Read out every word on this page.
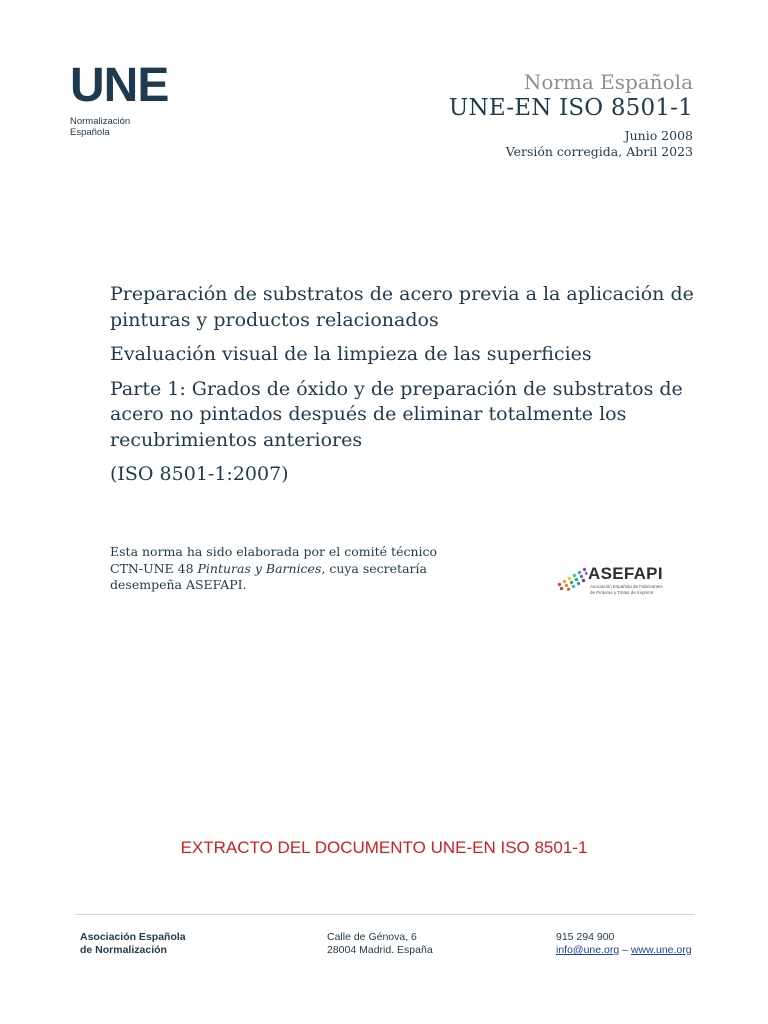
UNE
Normalización
Española
Norma Española
UNE-EN ISO 8501-1
Junio 2008
Versión corregida, Abril 2023

Preparación de substratos de acero previa a la aplicación de pinturas y productos relacionados

Evaluación visual de la limpieza de las superficies

Parte 1: Grados de óxido y de preparación de substratos de acero no pintados después de eliminar totalmente los recubrimientos anteriores

(ISO 8501-1:2007)

Esta norma ha sido elaborada por el comité técnico CTN-UNE 48 Pinturas y Barnices, cuya secretaría desempeña ASEFAPI.
ASEFAPI
Asociación Española de Fabricantes
de Pinturas y Tintas de Imprimir
EXTRACTO DEL DOCUMENTO UNE-EN ISO 8501-1
Asociación Española
de Normalización
Calle de Génova, 6
28004 Madrid. España
915 294 900
info@une.org – www.une.org
